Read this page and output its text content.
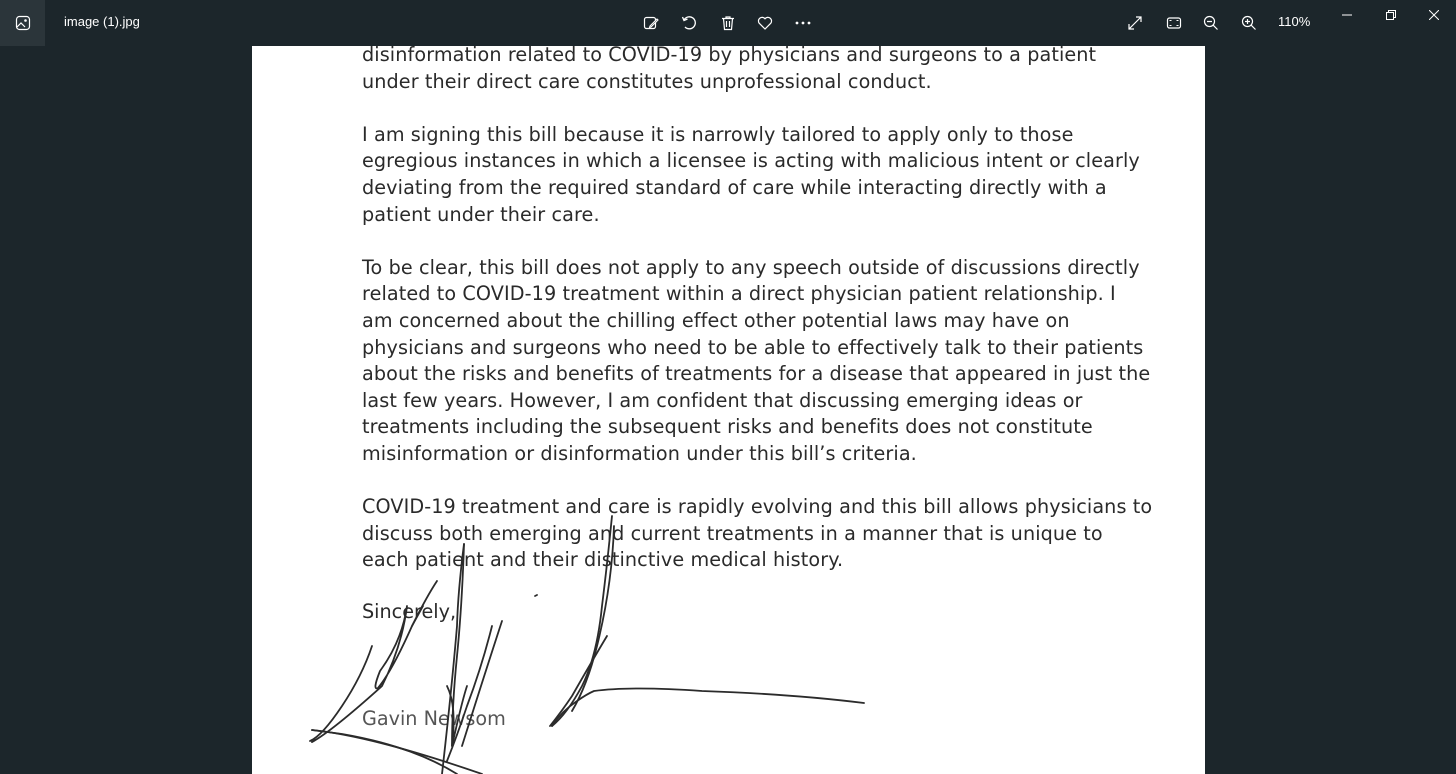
image (1).jpg	110%
disinformation related to COVID-19 by physicians and surgeons to a patient
under their direct care constitutes unprofessional conduct.
I am signing this bill because it is narrowly tailored to apply only to those
egregious instances in which a licensee is acting with malicious intent or clearly
deviating from the required standard of care while interacting directly with a
patient under their care.
To be clear, this bill does not apply to any speech outside of discussions directly
related to COVID-19 treatment within a direct physician patient relationship. I
am concerned about the chilling effect other potential laws may have on
physicians and surgeons who need to be able to effectively talk to their patients
about the risks and benefits of treatments for a disease that appeared in just the
last few years. However, I am confident that discussing emerging ideas or
treatments including the subsequent risks and benefits does not constitute
misinformation or disinformation under this bill’s criteria.
COVID-19 treatment and care is rapidly evolving and this bill allows physicians to
discuss both emerging and current treatments in a manner that is unique to
each patient and their distinctive medical history.
Sincerely,
Gavin Newsom
